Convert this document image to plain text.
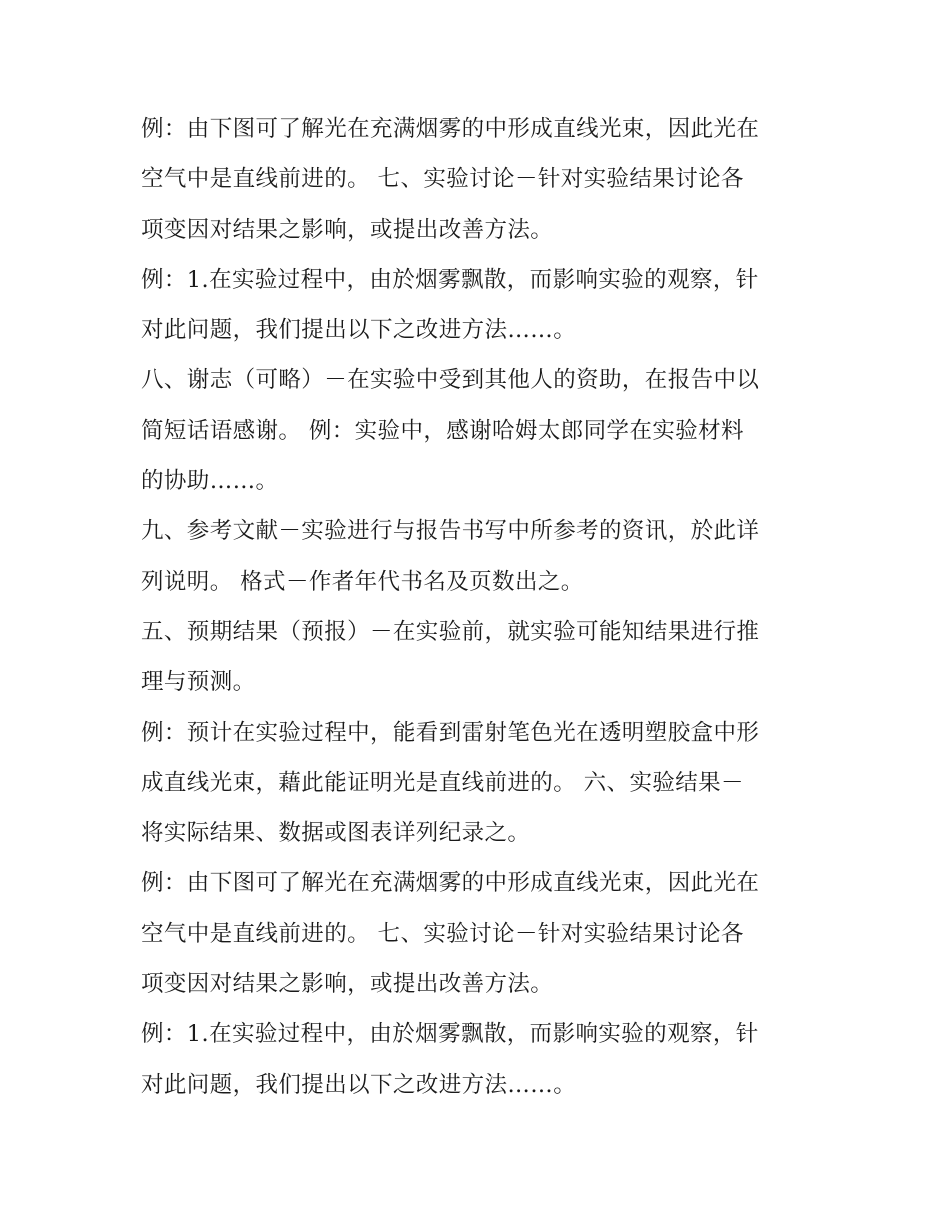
例：由下图可了解光在充满烟雾的中形成直线光束，因此光在

空气中是直线前进的。 七、实验讨论－针对实验结果讨论各

项变因对结果之影响，或提出改善方法。

例：1.在实验过程中，由於烟雾飘散，而影响实验的观察，针

对此问题，我们提出以下之改进方法……。

八、谢志（可略）－在实验中受到其他人的资助，在报告中以

简短话语感谢。 例：实验中，感谢哈姆太郎同学在实验材料

的协助……。

九、参考文献－实验进行与报告书写中所参考的资讯，於此详

列说明。 格式－作者年代书名及页数出之。

五、预期结果（预报）－在实验前，就实验可能知结果进行推

理与预测。

例：预计在实验过程中，能看到雷射笔色光在透明塑胶盒中形

成直线光束，藉此能证明光是直线前进的。 六、实验结果－

将实际结果、数据或图表详列纪录之。

例：由下图可了解光在充满烟雾的中形成直线光束，因此光在

空气中是直线前进的。 七、实验讨论－针对实验结果讨论各

项变因对结果之影响，或提出改善方法。

例：1.在实验过程中，由於烟雾飘散，而影响实验的观察，针

对此问题，我们提出以下之改进方法……。
